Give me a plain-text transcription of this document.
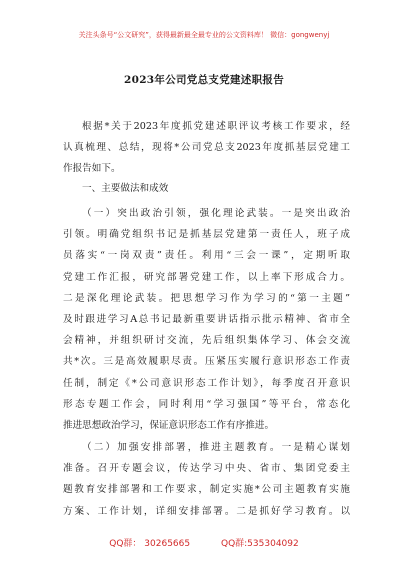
关注头条号“公文研究”，获得最新最全最专业的公文资料库！ 微信：gongwenyj
2023年公司党总支党建述职报告
根据*关于2023年度抓党建述职评议考核工作要求，经
认真梳理、总结，现将*公司党总支2023年度抓基层党建工
作报告如下。
一、主要做法和成效
（一）突出政治引领，强化理论武装。一是突出政治
引领。明确党组织书记是抓基层党建第一责任人，班子成
员落实“一岗双责”责任。利用“三会一课”，定期听取
党建工作汇报，研究部署党建工作，以上率下形成合力。
二是深化理论武装。把思想学习作为学习的“第一主题”
及时跟进学习A总书记最新重要讲话指示批示精神、省市全
会精神，并组织研讨交流，先后组织集体学习、体会交流
共*次。三是高效履职尽责。压紧压实履行意识形态工作责
任制，制定《*公司意识形态工作计划》，每季度召开意识
形态专题工作会，同时利用“学习强国”等平台，常态化
推进思想政治学习，保证意识形态工作有序推进。
（二）加强安排部署，推进主题教育。一是精心谋划
准备。召开专题会议，传达学习中央、省市、集团党委主
题教育安排部署和工作要求，制定实施*公司主题教育实施
方案、工作计划，详细安排部署。二是抓好学习教育。以
QQ群： 30265665	QQ群:535304092
